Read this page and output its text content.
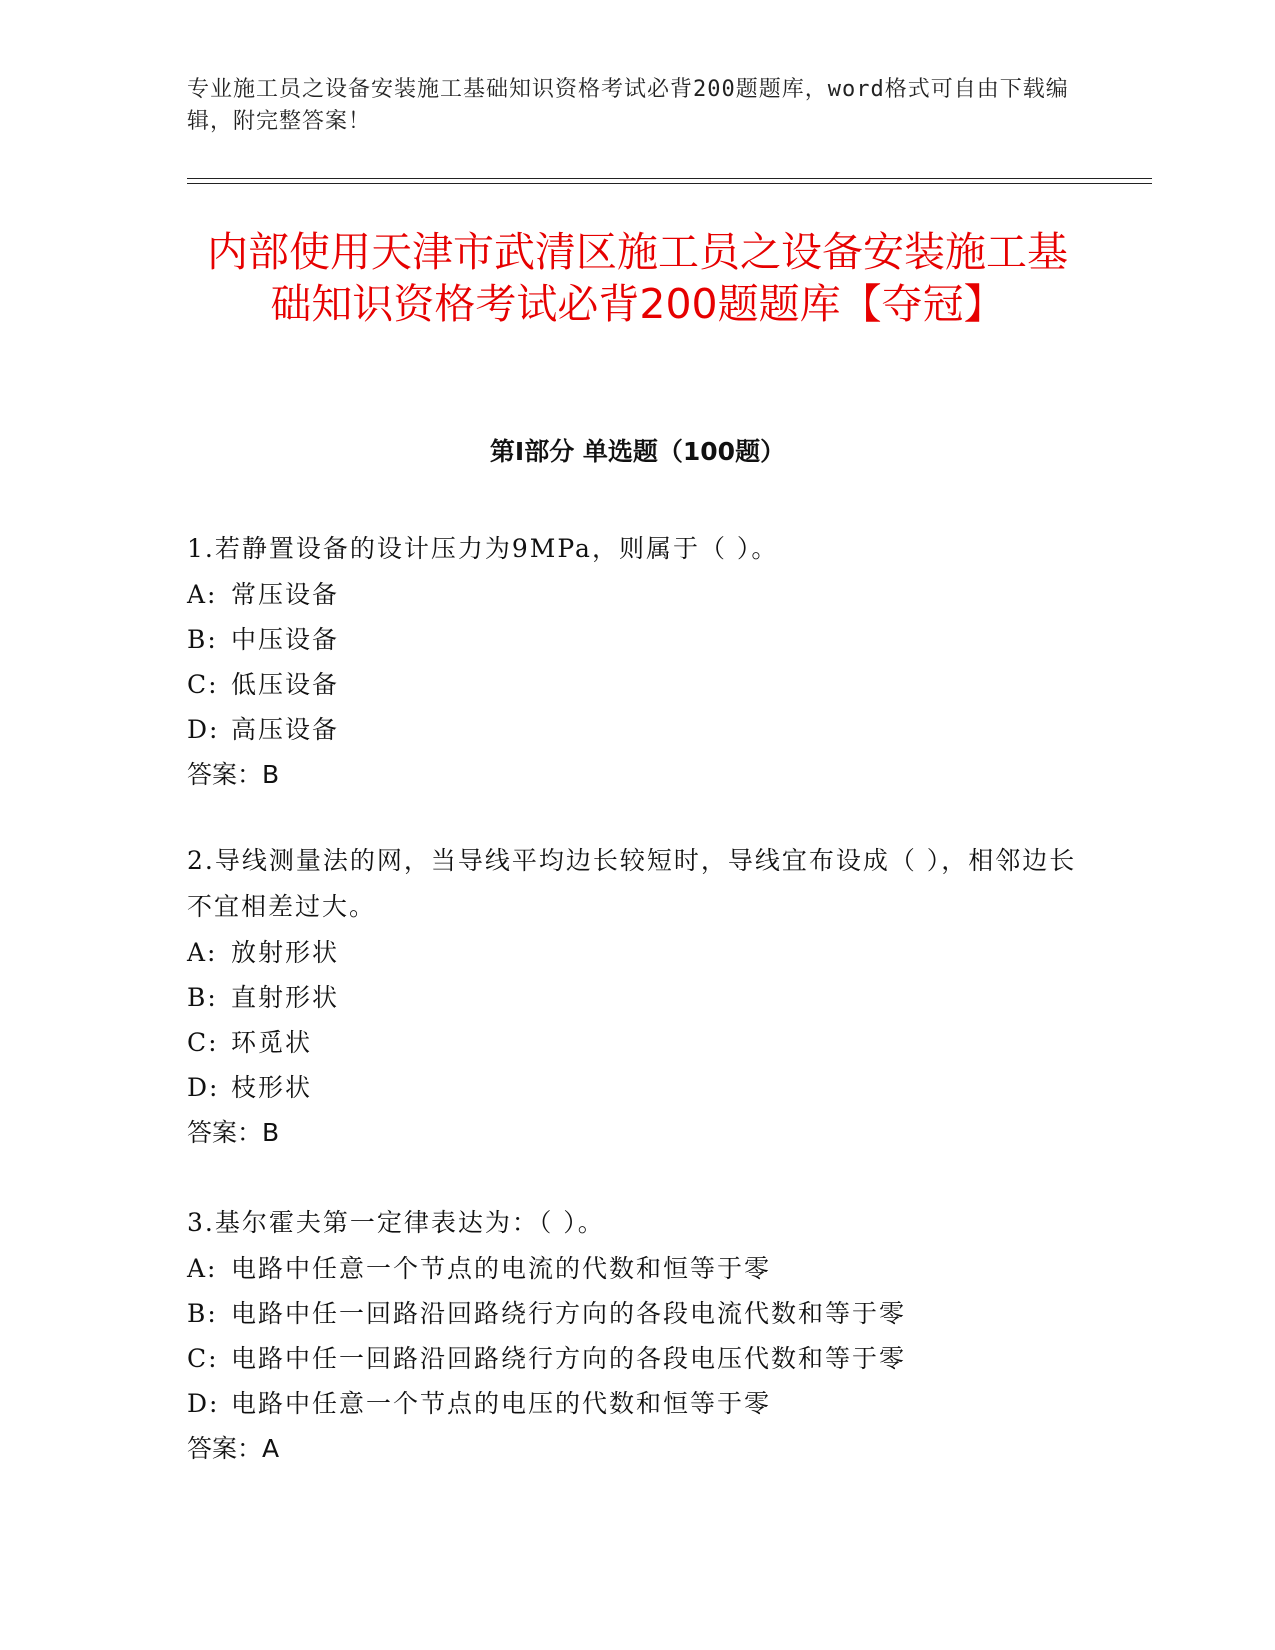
专业施工员之设备安装施工基础知识资格考试必背200题题库，word格式可自由下载编辑，附完整答案！
内部使用天津市武清区施工员之设备安装施工基础知识资格考试必背200题题库【夺冠】
第Ⅰ部分 单选题（100题）

1.若静置设备的设计压力为9MPa，则属于（ ）。

A: 常压设备

B: 中压设备

C: 低压设备

D: 高压设备

答案：B

2.导线测量法的网，当导线平均边长较短时，导线宜布设成（ ），相邻边长不宜相差过大。

A: 放射形状

B: 直射形状

C: 环觅状

D: 枝形状

答案：B

3.基尔霍夫第一定律表达为：（ ）。

A: 电路中任意一个节点的电流的代数和恒等于零

B: 电路中任一回路沿回路绕行方向的各段电流代数和等于零

C: 电路中任一回路沿回路绕行方向的各段电压代数和等于零

D: 电路中任意一个节点的电压的代数和恒等于零

答案：A
